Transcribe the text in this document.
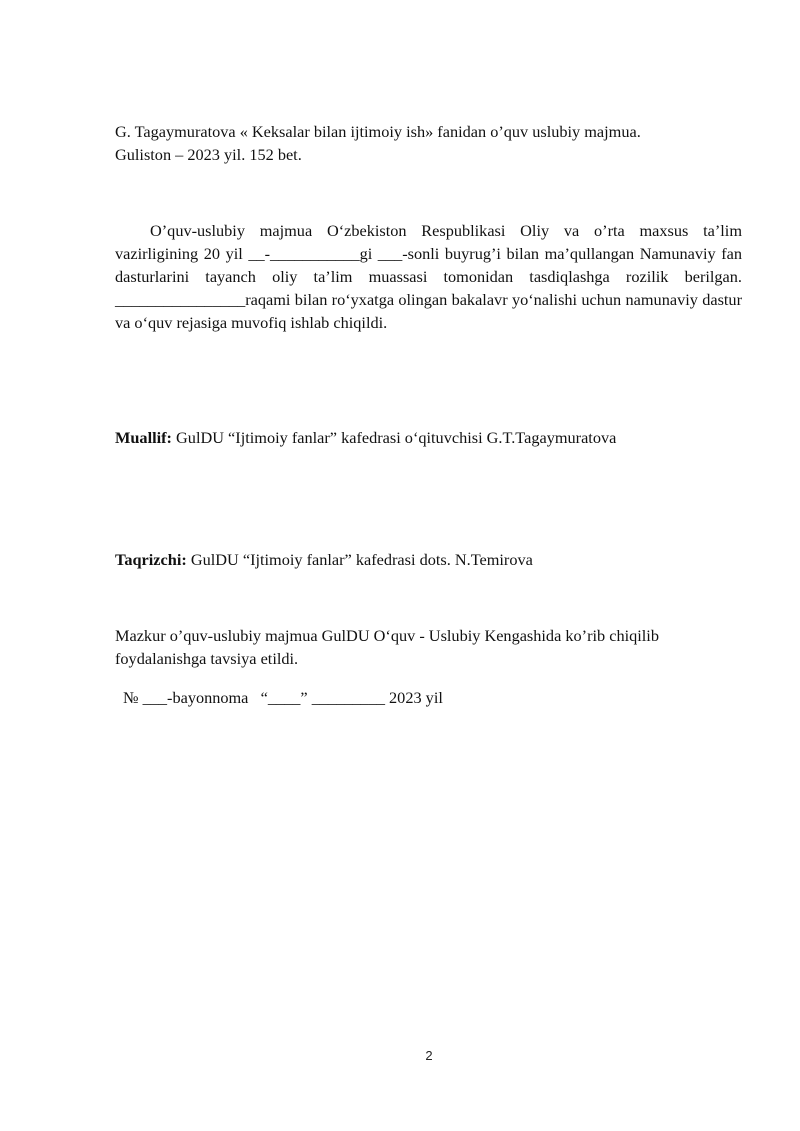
G. Tagaymuratova « Keksalar bilan ijtimoiy ish» fanidan o’quv uslubiy majmua. Guliston – 2023 yil. 152 bet.

O’quv-uslubiy majmua O‘zbekiston Respublikasi Oliy va o’rta maxsus ta’lim vazirligining 20 yil __-___________gi ___-sonli buyrug’i bilan ma’qullangan Namunaviy fan dasturlarini tayanch oliy ta’lim muassasi tomonidan tasdiqlashga rozilik berilgan. ________________raqami bilan ro‘yxatga olingan bakalavr yo‘nalishi uchun namunaviy dastur va o‘quv rejasiga muvofiq ishlab chiqildi.

Muallif: GulDU “Ijtimoiy fanlar” kafedrasi o‘qituvchisi G.T.Tagaymuratova

Taqrizchi: GulDU “Ijtimoiy fanlar” kafedrasi dots. N.Temirova

Mazkur o’quv-uslubiy majmua GulDU O‘quv - Uslubiy Kengashida ko’rib chiqilib foydalanishga tavsiya etildi.

№ ___-bayonnoma   “____” _________ 2023 yil

2
